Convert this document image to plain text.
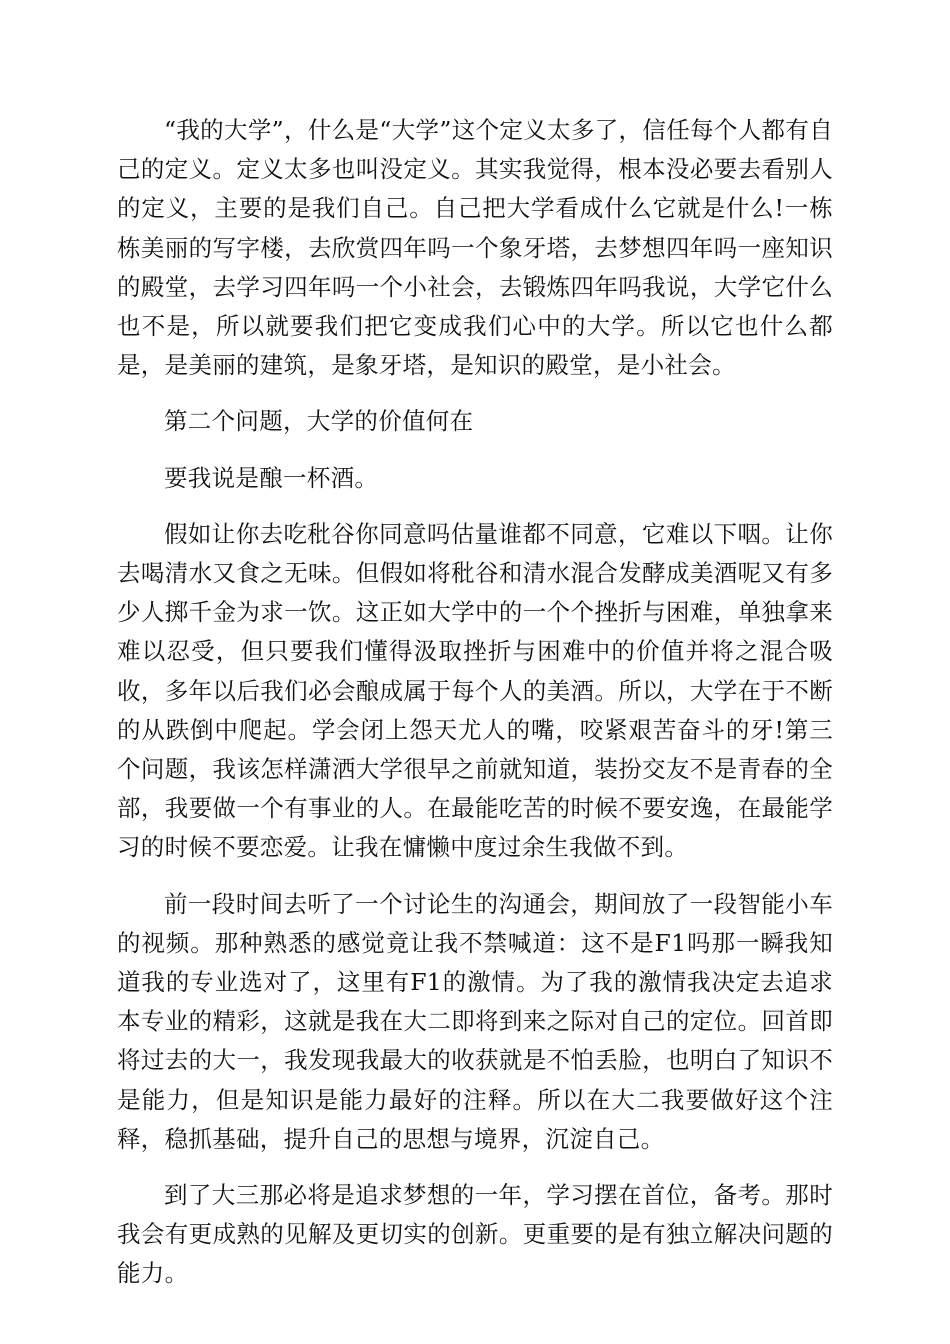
“我的大学”，什么是“大学”这个定义太多了，信任每个人都有自己的定义。定义太多也叫没定义。其实我觉得，根本没必要去看别人的定义，主要的是我们自己。自己把大学看成什么它就是什么!一栋栋美丽的写字楼，去欣赏四年吗一个象牙塔，去梦想四年吗一座知识的殿堂，去学习四年吗一个小社会，去锻炼四年吗我说，大学它什么也不是，所以就要我们把它变成我们心中的大学。所以它也什么都是，是美丽的建筑，是象牙塔，是知识的殿堂，是小社会。

第二个问题，大学的价值何在

要我说是酿一杯酒。

假如让你去吃秕谷你同意吗估量谁都不同意，它难以下咽。让你去喝清水又食之无味。但假如将秕谷和清水混合发酵成美酒呢又有多少人掷千金为求一饮。这正如大学中的一个个挫折与困难，单独拿来难以忍受，但只要我们懂得汲取挫折与困难中的价值并将之混合吸收，多年以后我们必会酿成属于每个人的美酒。所以，大学在于不断的从跌倒中爬起。学会闭上怨天尤人的嘴，咬紧艰苦奋斗的牙!第三个问题，我该怎样潇洒大学很早之前就知道，装扮交友不是青春的全部，我要做一个有事业的人。在最能吃苦的时候不要安逸，在最能学习的时候不要恋爱。让我在慵懒中度过余生我做不到。

前一段时间去听了一个讨论生的沟通会，期间放了一段智能小车的视频。那种熟悉的感觉竟让我不禁喊道：这不是F1吗那一瞬我知道我的专业选对了，这里有F1的激情。为了我的激情我决定去追求本专业的精彩，这就是我在大二即将到来之际对自己的定位。回首即将过去的大一，我发现我最大的收获就是不怕丢脸，也明白了知识不是能力，但是知识是能力最好的注释。所以在大二我要做好这个注释，稳抓基础，提升自己的思想与境界，沉淀自己。

到了大三那必将是追求梦想的一年，学习摆在首位，备考。那时我会有更成熟的见解及更切实的创新。更重要的是有独立解决问题的能力。
